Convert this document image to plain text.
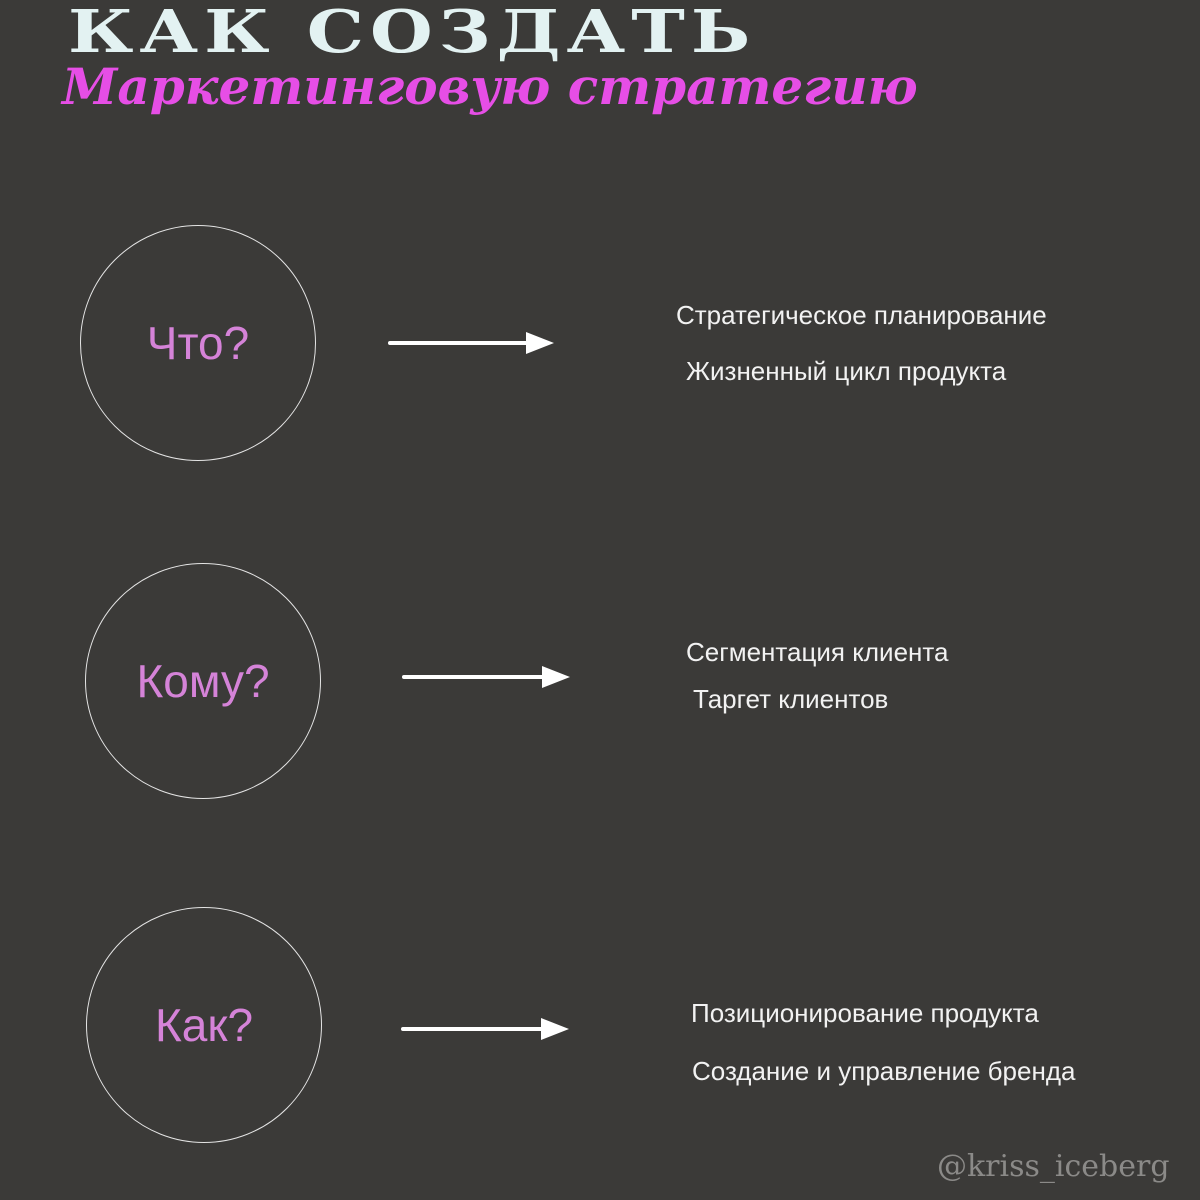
КАК СОЗДАТЬ
Маркетинговую стратегию
Что?
Стратегическое планирование
Жизненный цикл продукта
Кому?
Сегментация клиента
Таргет клиентов
Как?	Позиционирование продукта
Создание и управление бренда
@kriss_iceberg
